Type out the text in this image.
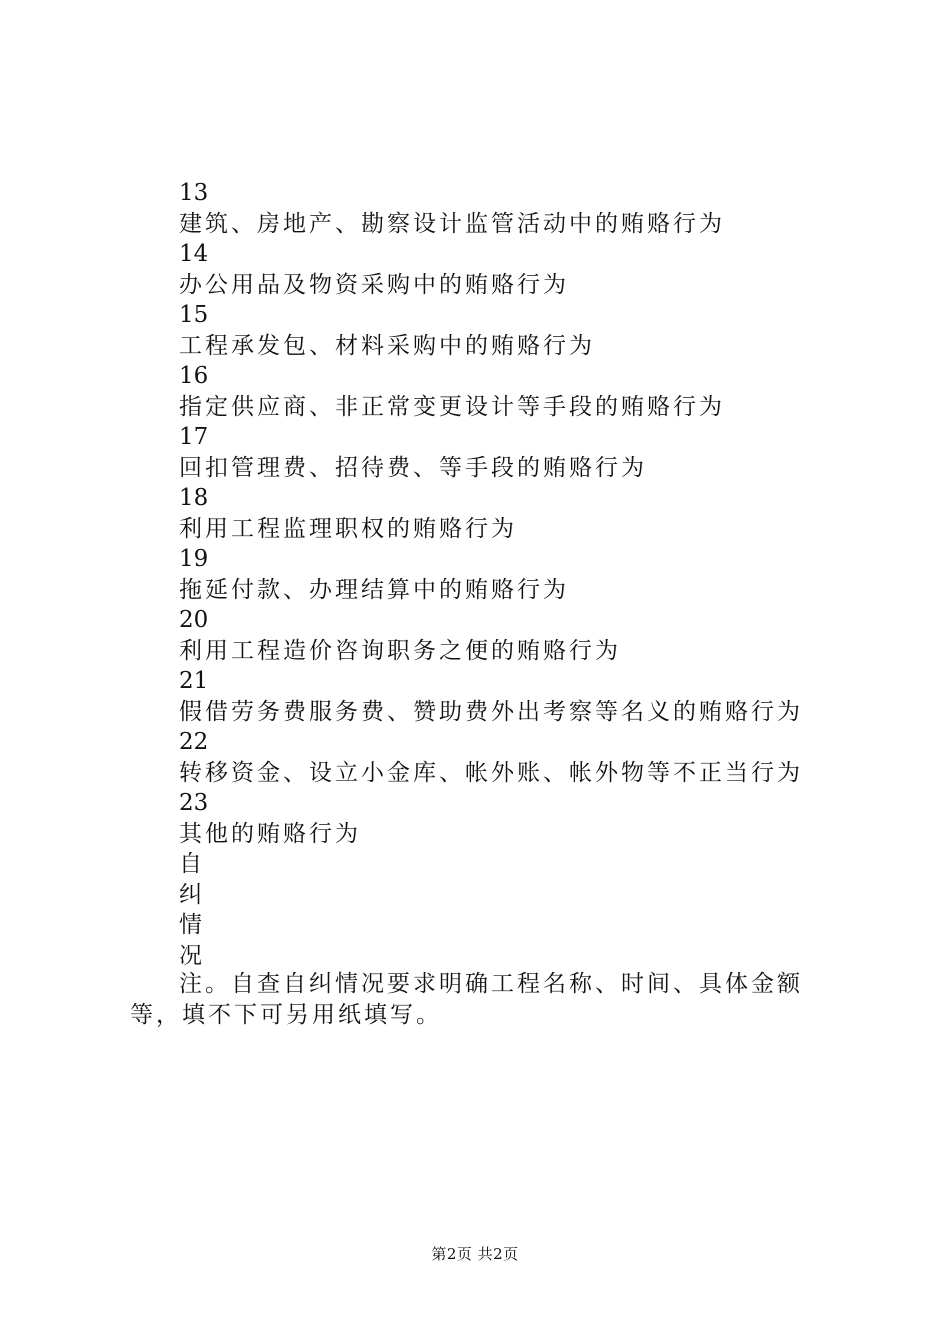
13
建筑、房地产、勘察设计监管活动中的贿赂行为
14
办公用品及物资采购中的贿赂行为
15
工程承发包、材料采购中的贿赂行为
16
指定供应商、非正常变更设计等手段的贿赂行为
17
回扣管理费、招待费、等手段的贿赂行为
18
利用工程监理职权的贿赂行为
19
拖延付款、办理结算中的贿赂行为
20
利用工程造价咨询职务之便的贿赂行为
21
假借劳务费服务费、赞助费外出考察等名义的贿赂行为
22
转移资金、设立小金库、帐外账、帐外物等不正当行为
23
其他的贿赂行为
自
纠
情
况
注。自查自纠情况要求明确工程名称、时间、具体金额等，填不下可另用纸填写。
第2页 共2页
